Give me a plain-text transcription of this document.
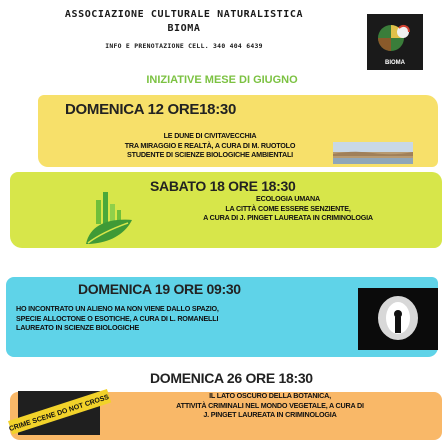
ASSOCIAZIONE CULTURALE NATURALISTICA
BIOMA
INFO E PRENOTAZIONE CELL. 340 404 6439
BIOMA
INIZIATIVE MESE DI GIUGNO
DOMENICA 12 ORE18:30
LE DUNE DI CIVITAVECCHIA
TRA MIRAGGIO E REALTÀ, A CURA DI M. RUOTOLO
STUDENTE DI SCIENZE BIOLOGICHE AMBIENTALI
SABATO 18 ORE 18:30
ECOLOGIA UMANA
LA CITTÀ COME ESSERE SENZIENTE,
A CURA DI J. PINGET LAUREATA IN CRIMINOLOGIA
DOMENICA 19 ORE 09:30
HO INCONTRATO UN ALIENO MA NON VIENE DALLO SPAZIO,
SPECIE ALLOCTONE O ESOTICHE, A CURA DI L. ROMANELLI
LAUREATO IN SCIENZE BIOLOGICHE
DOMENICA 26 ORE 18:30
IL LATO OSCURO DELLA BOTANICA,
ATTIVITÀ CRIMINALI NEL MONDO VEGETALE, A CURA DI
J. PINGET LAUREATA IN CRIMINOLOGIA
CRIME SCENE DO NOT CROSS
